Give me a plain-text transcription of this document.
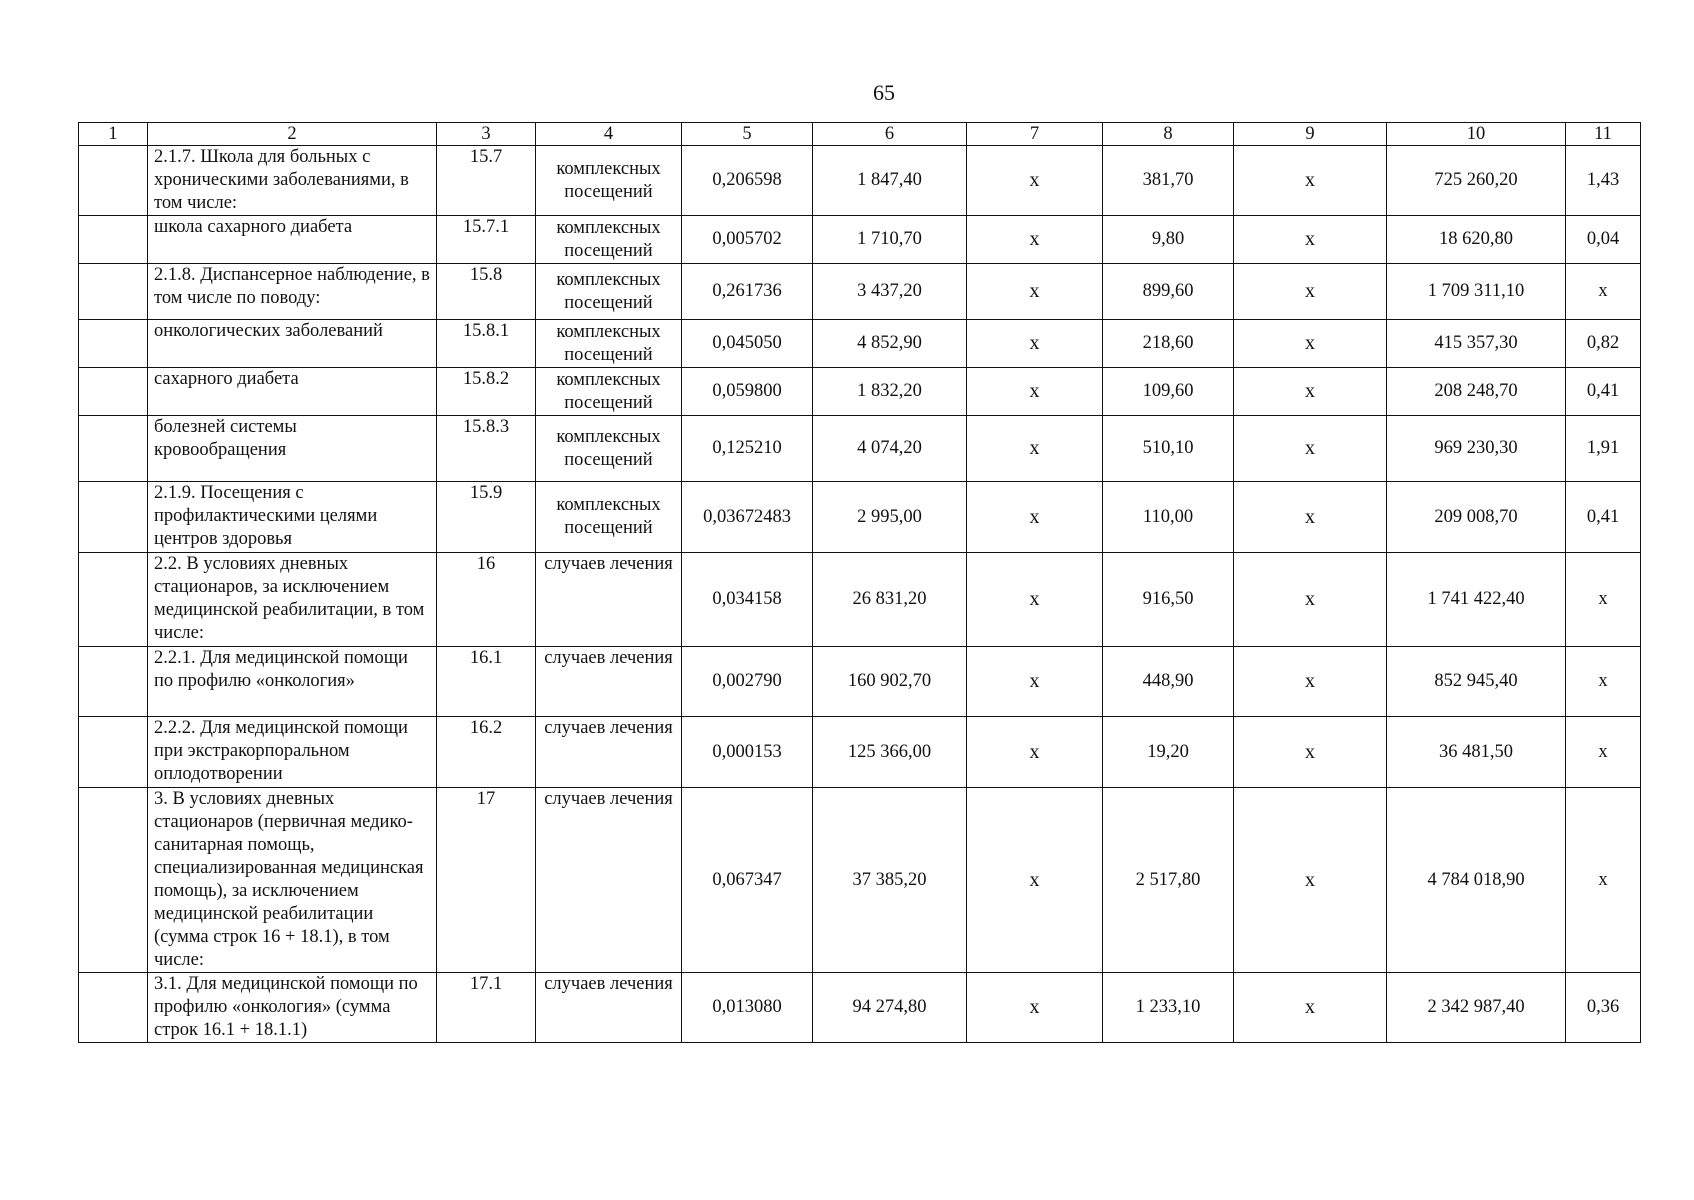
65
1	2	3	4	5	6	7	8	9	10	11
	2.1.7. Школа для больных с хроническими заболеваниями, в том числе:	15.7	комплексных посещений	0,206598	1 847,40	х	381,70	х	725 260,20	1,43
	школа сахарного диабета	15.7.1	комплексных посещений	0,005702	1 710,70	х	9,80	х	18 620,80	0,04
	2.1.8. Диспансерное наблюдение, в том числе по поводу:	15.8	комплексных посещений	0,261736	3 437,20	х	899,60	х	1 709 311,10	х
	онкологических заболеваний	15.8.1	комплексных посещений	0,045050	4 852,90	х	218,60	х	415 357,30	0,82
	сахарного диабета	15.8.2	комплексных посещений	0,059800	1 832,20	х	109,60	х	208 248,70	0,41
	болезней системы кровообращения	15.8.3	комплексных посещений	0,125210	4 074,20	х	510,10	х	969 230,30	1,91
	2.1.9. Посещения с профилактическими целями центров здоровья	15.9	комплексных посещений	0,03672483	2 995,00	х	110,00	х	209 008,70	0,41
	2.2. В условиях дневных стационаров, за исключением медицинской реабилитации, в том числе:	16	случаев лечения	0,034158	26 831,20	х	916,50	х	1 741 422,40	х
	2.2.1. Для медицинской помощи по профилю «онкология»	16.1	случаев лечения	0,002790	160 902,70	х	448,90	х	852 945,40	х
	2.2.2. Для медицинской помощи при экстракорпоральном оплодотворении	16.2	случаев лечения	0,000153	125 366,00	х	19,20	х	36 481,50	х
	3. В условиях дневных стационаров (первичная медико-санитарная помощь, специализированная медицинская помощь), за исключением медицинской реабилитации (сумма строк 16 + 18.1), в том числе:	17	случаев лечения	0,067347	37 385,20	х	2 517,80	х	4 784 018,90	х
	3.1. Для медицинской помощи по профилю «онкология» (сумма строк 16.1 + 18.1.1)	17.1	случаев лечения	0,013080	94 274,80	х	1 233,10	х	2 342 987,40	0,36
